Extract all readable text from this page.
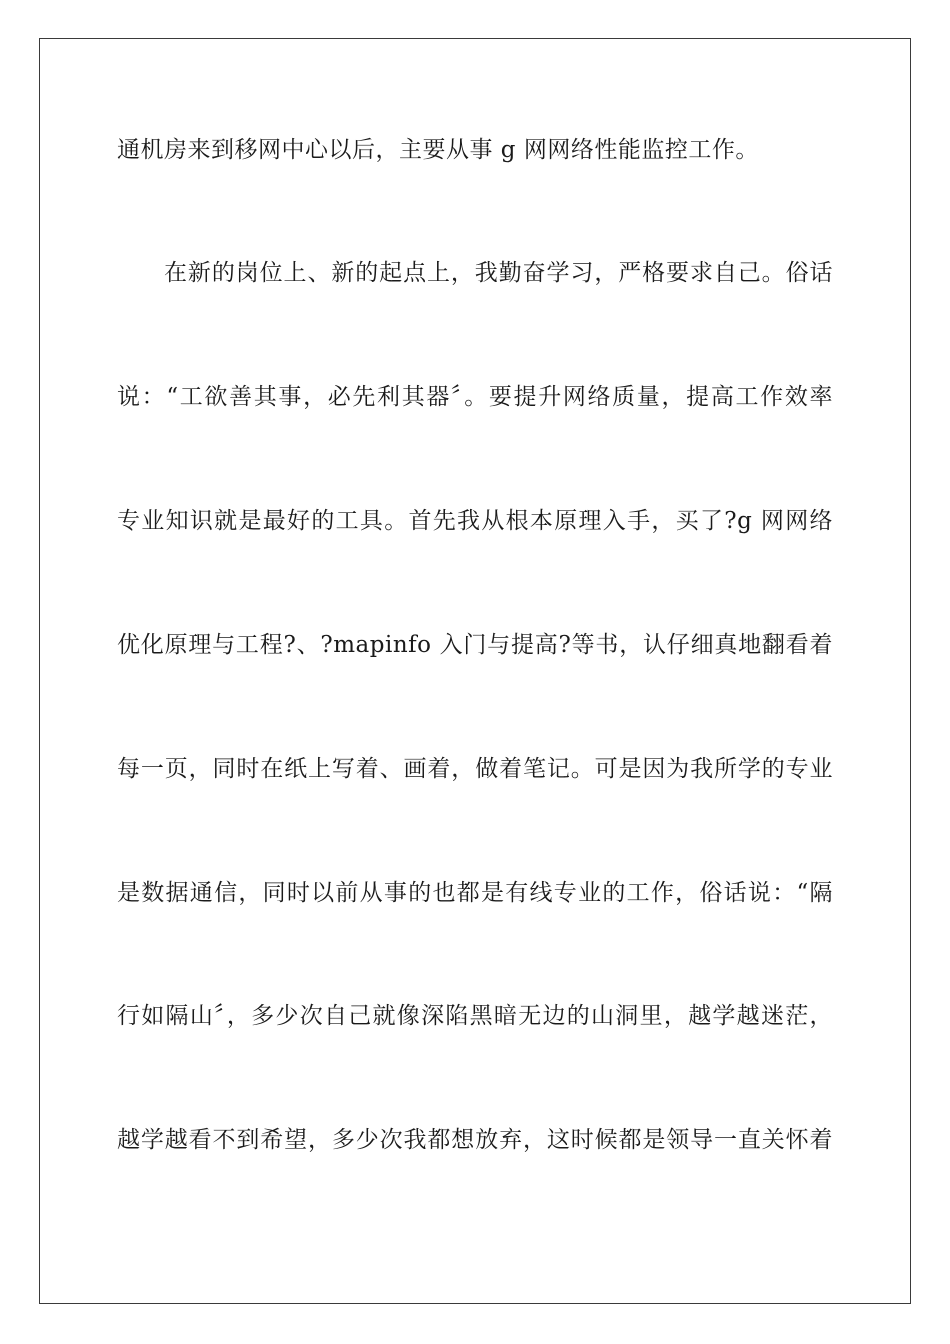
通机房来到移网中心以后，主要从事 g 网网络性能监控工作。
在新的岗位上、新的起点上，我勤奋学习，严格要求自己。俗话
说：“工欲善其事，必先利其器〞。要提升网络质量，提高工作效率
专业知识就是最好的工具。首先我从根本原理入手，买了?g 网网络
优化原理与工程?、?mapinfo 入门与提高?等书，认仔细真地翻看着
每一页，同时在纸上写着、画着，做着笔记。可是因为我所学的专业
是数据通信，同时以前从事的也都是有线专业的工作，俗话说：“隔
行如隔山〞，多少次自己就像深陷黑暗无边的山洞里，越学越迷茫，
越学越看不到希望，多少次我都想放弃，这时候都是领导一直关怀着
